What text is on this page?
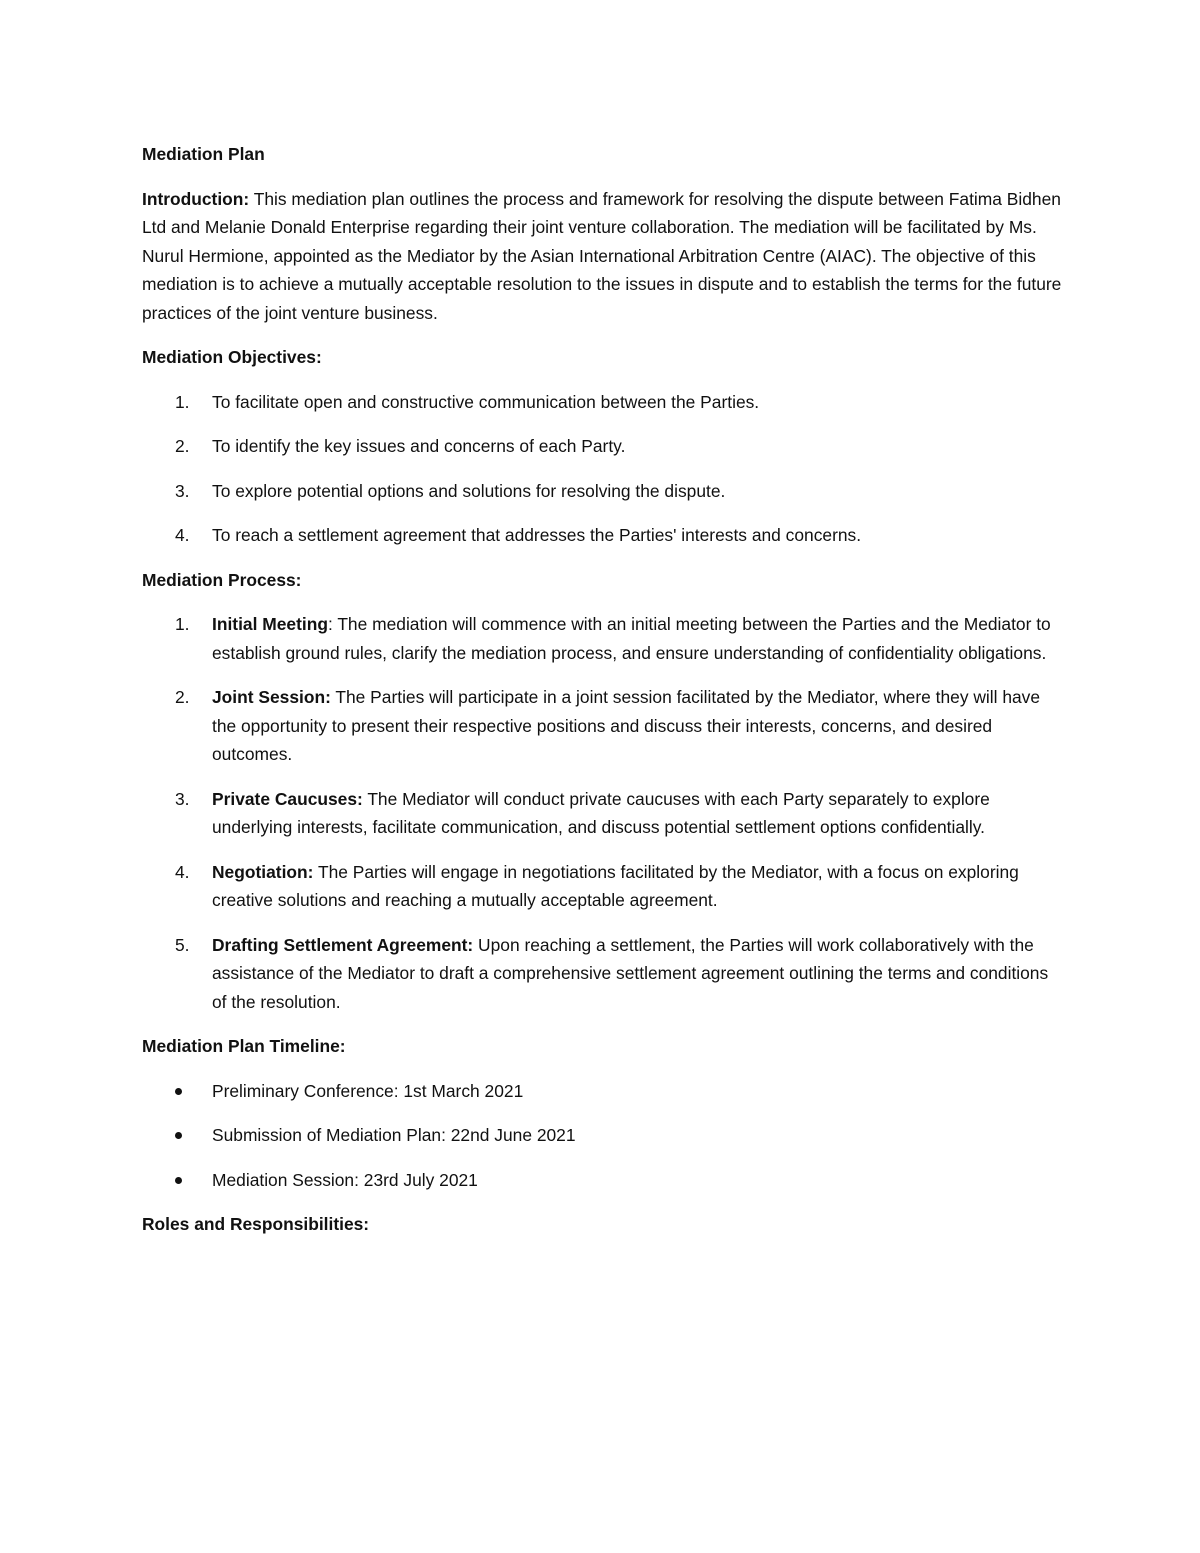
Mediation Plan

Introduction: This mediation plan outlines the process and framework for resolving the dispute between Fatima Bidhen Ltd and Melanie Donald Enterprise regarding their joint venture collaboration. The mediation will be facilitated by Ms. Nurul Hermione, appointed as the Mediator by the Asian International Arbitration Centre (AIAC). The objective of this mediation is to achieve a mutually acceptable resolution to the issues in dispute and to establish the terms for the future practices of the joint venture business.

Mediation Objectives:
1. To facilitate open and constructive communication between the Parties.
2. To identify the key issues and concerns of each Party.
3. To explore potential options and solutions for resolving the dispute.
4. To reach a settlement agreement that addresses the Parties' interests and concerns.
Mediation Process:
1. Initial Meeting: The mediation will commence with an initial meeting between the Parties and the Mediator to establish ground rules, clarify the mediation process, and ensure understanding of confidentiality obligations.
2. Joint Session: The Parties will participate in a joint session facilitated by the Mediator, where they will have the opportunity to present their respective positions and discuss their interests, concerns, and desired outcomes.
3. Private Caucuses: The Mediator will conduct private caucuses with each Party separately to explore underlying interests, facilitate communication, and discuss potential settlement options confidentially.
4. Negotiation: The Parties will engage in negotiations facilitated by the Mediator, with a focus on exploring creative solutions and reaching a mutually acceptable agreement.
5. Drafting Settlement Agreement: Upon reaching a settlement, the Parties will work collaboratively with the assistance of the Mediator to draft a comprehensive settlement agreement outlining the terms and conditions of the resolution.
Mediation Plan Timeline:
Preliminary Conference: 1st March 2021
Submission of Mediation Plan: 22nd June 2021
Mediation Session: 23rd July 2021
Roles and Responsibilities:
